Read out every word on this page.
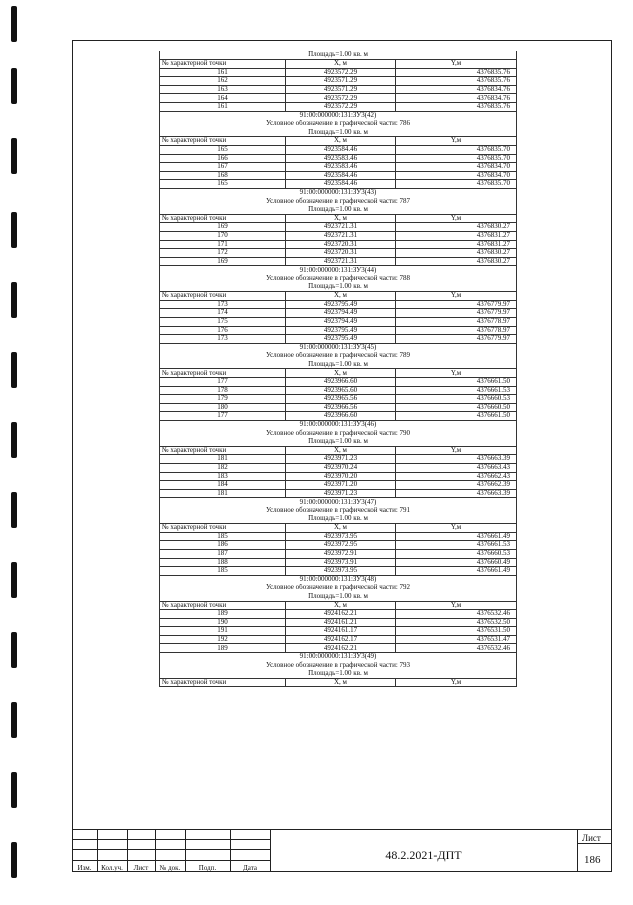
Площадь=1.00 кв. м		
№ характерной точки	X, м	Y,м
161	4923572.29	4376835.76
162	4923571.29	4376835.76
163	4923571.29	4376834.76
164	4923572.29	4376834.76
161	4923572.29	4376835.76
91:00:000000:131:ЗУ3(42)		
Условное обозначение в графической части: 786		
Площадь=1.00 кв. м		
№ характерной точки	X, м	Y,м
165	4923584.46	4376835.70
166	4923583.46	4376835.70
167	4923583.46	4376834.70
168	4923584.46	4376834.70
165	4923584.46	4376835.70
91:00:000000:131:ЗУ3(43)		
Условное обозначение в графической части: 787		
Площадь=1.00 кв. м		
№ характерной точки	X, м	Y,м
169	4923721.31	4376830.27
170	4923721.31	4376831.27
171	4923720.31	4376831.27
172	4923720.31	4376830.27
169	4923721.31	4376830.27
91:00:000000:131:ЗУ3(44)		
Условное обозначение в графической части: 788		
Площадь=1.00 кв. м		
№ характерной точки	X, м	Y,м
173	4923795.49	4376779.97
174	4923794.49	4376779.97
175	4923794.49	4376778.97
176	4923795.49	4376778.97
173	4923795.49	4376779.97
91:00:000000:131:ЗУ3(45)		
Условное обозначение в графической части: 789		
Площадь=1.00 кв. м		
№ характерной точки	X, м	Y,м
177	4923966.60	4376661.50
178	4923965.60	4376661.53
179	4923965.56	4376660.53
180	4923966.56	4376660.50
177	4923966.60	4376661.50
91:00:000000:131:ЗУ3(46)		
Условное обозначение в графической части: 790		
Площадь=1.00 кв. м		
№ характерной точки	X, м	Y,м
181	4923971.23	4376663.39
182	4923970.24	4376663.43
183	4923970.20	4376662.43
184	4923971.20	4376662.39
181	4923971.23	4376663.39
91:00:000000:131:ЗУ3(47)		
Условное обозначение в графической части: 791		
Площадь=1.00 кв. м		
№ характерной точки	X, м	Y,м
185	4923973.95	4376661.49
186	4923972.95	4376661.53
187	4923972.91	4376660.53
188	4923973.91	4376660.49
185	4923973.95	4376661.49
91:00:000000:131:ЗУ3(48)		
Условное обозначение в графической части: 792		
Площадь=1.00 кв. м		
№ характерной точки	X, м	Y,м
189	4924162.21	4376532.46
190	4924161.21	4376532.50
191	4924161.17	4376531.50
192	4924162.17	4376531.47
189	4924162.21	4376532.46
91:00:000000:131:ЗУ3(49)		
Условное обозначение в графической части: 793		
Площадь=1.00 кв. м		
№ характерной точки	X, м	Y,м
Изм.	Кол.уч.	Лист	№ док.	Подп.	Дата
48.2.2021-ДПТ
Лист
186
